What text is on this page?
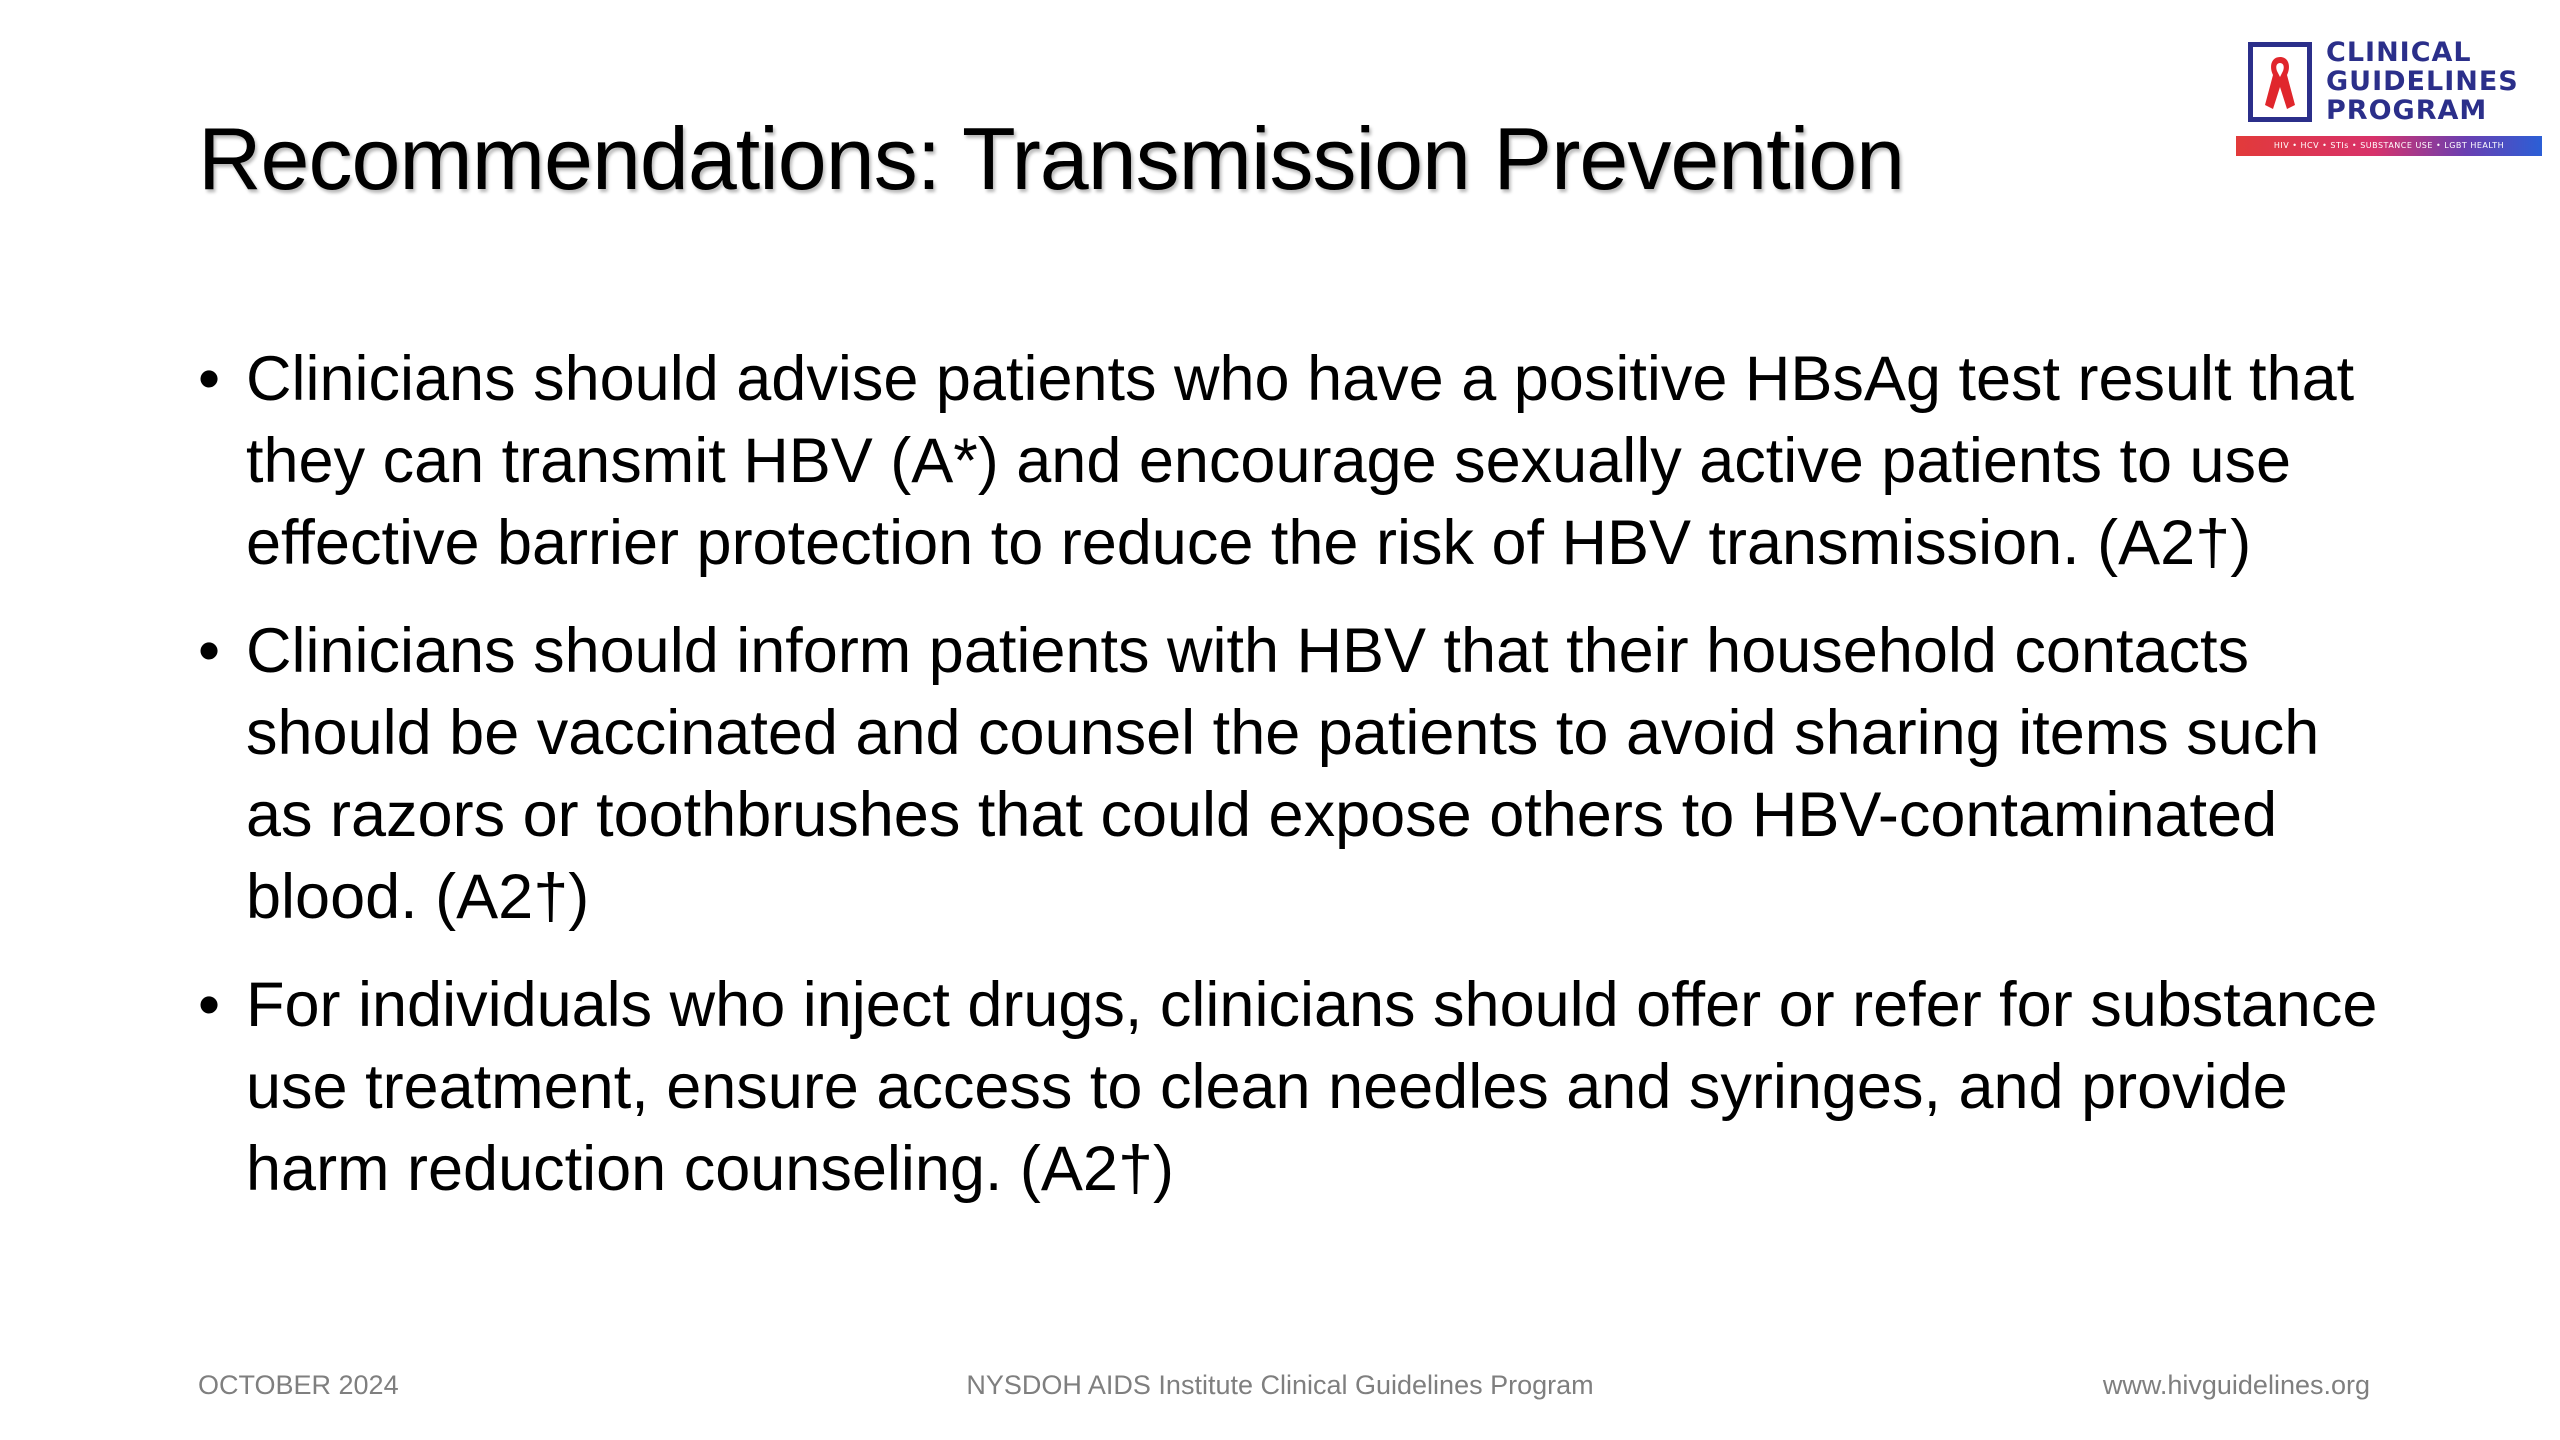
CLINICAL
GUIDELINES
PROGRAM
HIV • HCV • STIs • SUBSTANCE USE • LGBT HEALTH
Recommendations: Transmission Prevention
• Clinicians should advise patients who have a positive HBsAg test result that they can transmit HBV (A*) and encourage sexually active patients to use effective barrier protection to reduce the risk of HBV transmission. (A2†)
• Clinicians should inform patients with HBV that their household contacts should be vaccinated and counsel the patients to avoid sharing items such as razors or toothbrushes that could expose others to HBV-contaminated blood. (A2†)
• For individuals who inject drugs, clinicians should offer or refer for substance use treatment, ensure access to clean needles and syringes, and provide harm reduction counseling. (A2†)
NYSDOH AIDS Institute Clinical Guidelines Program
OCTOBER 2024	www.hivguidelines.org
